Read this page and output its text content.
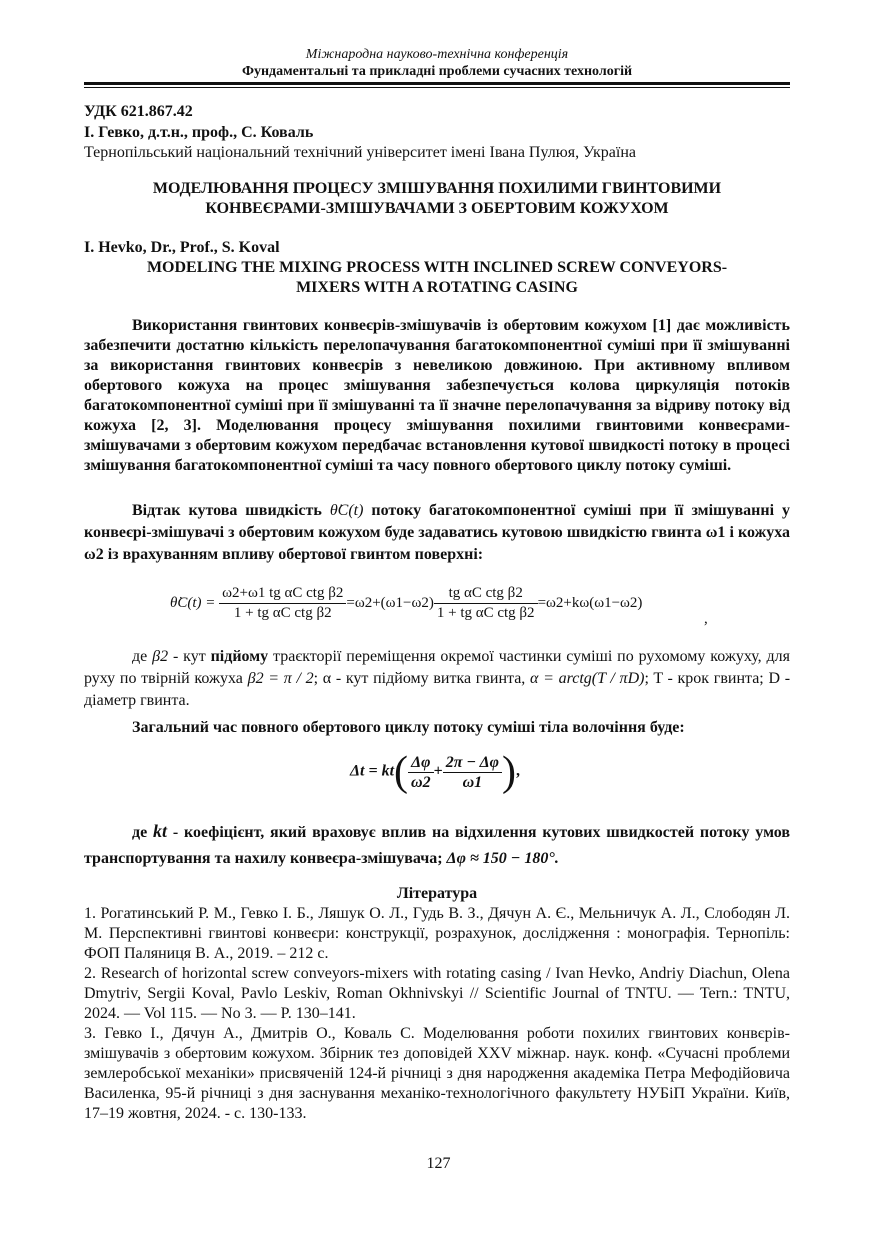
Міжнародна науково-технічна конференція
Фундаментальні та прикладні проблеми сучасних технологій
УДК 621.867.42
І. Гевко, д.т.н., проф., С. Коваль
Тернопільський національний технічний університет імені Івана Пулюя, Україна
МОДЕЛЮВАННЯ ПРОЦЕСУ ЗМІШУВАННЯ ПОХИЛИМИ ГВИНТОВИМИ
КОНВЕЄРАМИ-ЗМІШУВАЧАМИ З ОБЕРТОВИМ КОЖУХОМ
I. Hevko, Dr., Prof., S. Koval
MODELING THE MIXING PROCESS WITH INCLINED SCREW CONVEYORS-
MIXERS WITH A ROTATING CASING
Використання гвинтових конвеєрів-змішувачів із обертовим кожухом [1] дає можливість забезпечити достатню кількість перелопачування багатокомпонентної суміші при її змішуванні за використання гвинтових конвеєрів з невеликою довжиною. При активному впливом обертового кожуха на процес змішування забезпечується колова циркуляція потоків багатокомпонентної суміші при її змішуванні та її значне перелопачування за відриву потоку від кожуха [2, 3]. Моделювання процесу змішування похилими гвинтовими конвеєрами-змішувачами з обертовим кожухом передбачає встановлення кутової швидкості потоку в процесі змішування багатокомпонентної суміші та часу повного обертового циклу потоку суміші.
Відтак кутова швидкість θ̇C(t) потоку багатокомпонентної суміші при її змішуванні у конвеєрі-змішувачі з обертовим кожухом буде задаватись кутовою швидкістю гвинта ω1 і кожуха ω2 із врахуванням впливу обертової гвинтом поверхні:
θ̇C(t) = $\frac{\text{ω2+ω1 tg αC ctg β2}}{\text{1 + tg αC ctg β2}} =\omega 2+(\omega 1-\omega 2) \frac{\text{tg αC ctg β2}}{\text{1 + tg αC ctg β2}} =\omega 2+k\omega(\omega 1-\omega 2)$
,
де β2 - кут підйому траєкторії переміщення окремої частинки суміші по рухомому кожуху, для руху по твірній кожуха β2 = π / 2; α - кут підйому витка гвинта, α = arctg(T / πD); T - крок гвинта; D - діаметр гвинта.
Загальний час повного обертового циклу потоку суміші тіла волочіння буде:
$\Delta t = kt( \frac{\Delta\varphi}{\omega 2} + \frac{2\pi - \Delta\varphi}{\omega 1}$ ),
де kt - коефіцієнт, який враховує вплив на відхилення кутових швидкостей потоку умов транспортування та нахилу конвеєра-змішувача; Δφ ≈ 150 − 180°.
Література
1. Рогатинський Р. М., Гевко І. Б., Ляшук О. Л., Гудь В. З., Дячун А. Є., Мельничук А. Л., Слободян Л. М. Перспективні гвинтові конвеєри: конструкції, розрахунок, дослідження : монографія. Тернопіль: ФОП Паляниця В. А., 2019. – 212 с.
2. Research of horizontal screw conveyors-mixers with rotating casing / Ivan Hevko, Andriy Diachun, Olena Dmytriv, Sergii Koval, Pavlo Leskiv, Roman Okhnivskyi // Scientific Journal of TNTU. — Tern.: TNTU, 2024. — Vol 115. — No 3. — P. 130–141.
3. Гевко І., Дячун А., Дмитрів О., Коваль С. Моделювання роботи похилих гвинтових конвєрів-змішувачів з обертовим кожухом. Збірник тез доповідей XXV міжнар. наук. конф. «Сучасні проблеми землеробської механіки» присвяченій 124-й річниці з дня народження академіка Петра Мефодійовича Василенка, 95-й річниці з дня заснування механіко-технологічного факультету НУБіП України. Київ, 17–19 жовтня, 2024. - с. 130-133.
127
